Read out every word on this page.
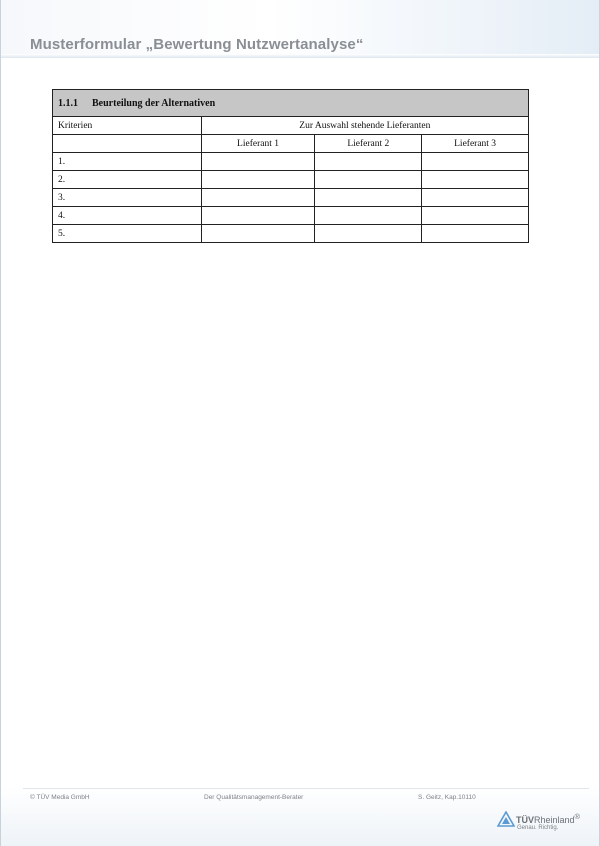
Musterformular „Bewertung Nutzwertanalyse“
1.1.1 Beurteilung der Alternativen			
Kriterien	Zur Auswahl stehende Lieferanten		
	Lieferant 1	Lieferant 2	Lieferant 3
1.			
2.			
3.			
4.			
5.			
© TÜV Media GmbH	Der Qualitätsmanagement-Berater	S. Geitz, Kap.10110
TÜVRheinland®
Genau. Richtig.
